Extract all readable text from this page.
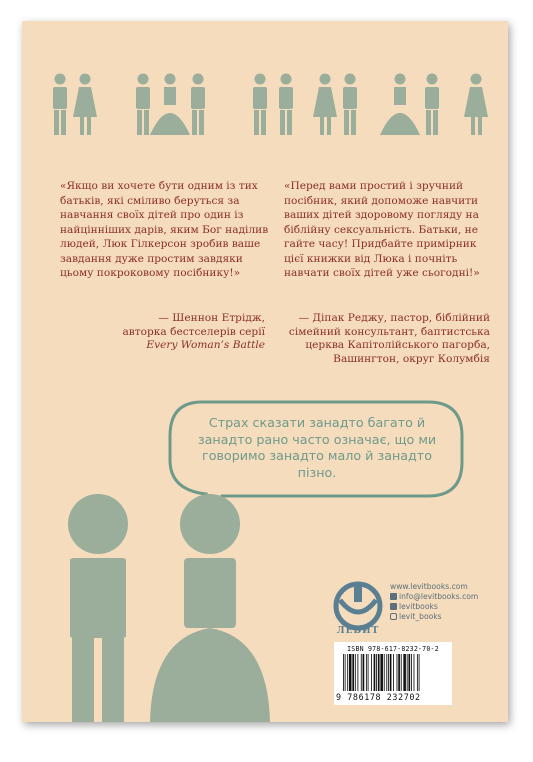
«Якщо ви хочете бути одним із тих батьків, які сміливо беруться за навчання своїх дітей про один із найцінніших дарів, яким Бог наділив людей, Люк Гілкерсон зробив ваше завдання дуже простим завдяки цьому покроковому посібнику!»

«Перед вами простий і зручний посібник, який допоможе навчити ваших дітей здоровому погляду на біблійну сексуальність. Батьки, не гайте часу! Придбайте примірник цієї книжки від Люка і почніть навчати своїх дітей уже сьогодні!»

— Шеннон Етрідж,
авторка бестселерів серії
Every Woman’s Battle

— Діпак Реджу, пастор, біблійний сімейний консультант, баптистська церква Капітолійського пагорба, Вашингтон, округ Колумбія

Страх сказати занадто багато й занадто рано часто означає, що ми говоримо занадто мало й занадто пізно.
ЛЕВИТ
www.levitbooks.com
info@levitbooks.com
levitbooks
levit_books
ISBN 978-617-8232-70-2
9 786178 232702
